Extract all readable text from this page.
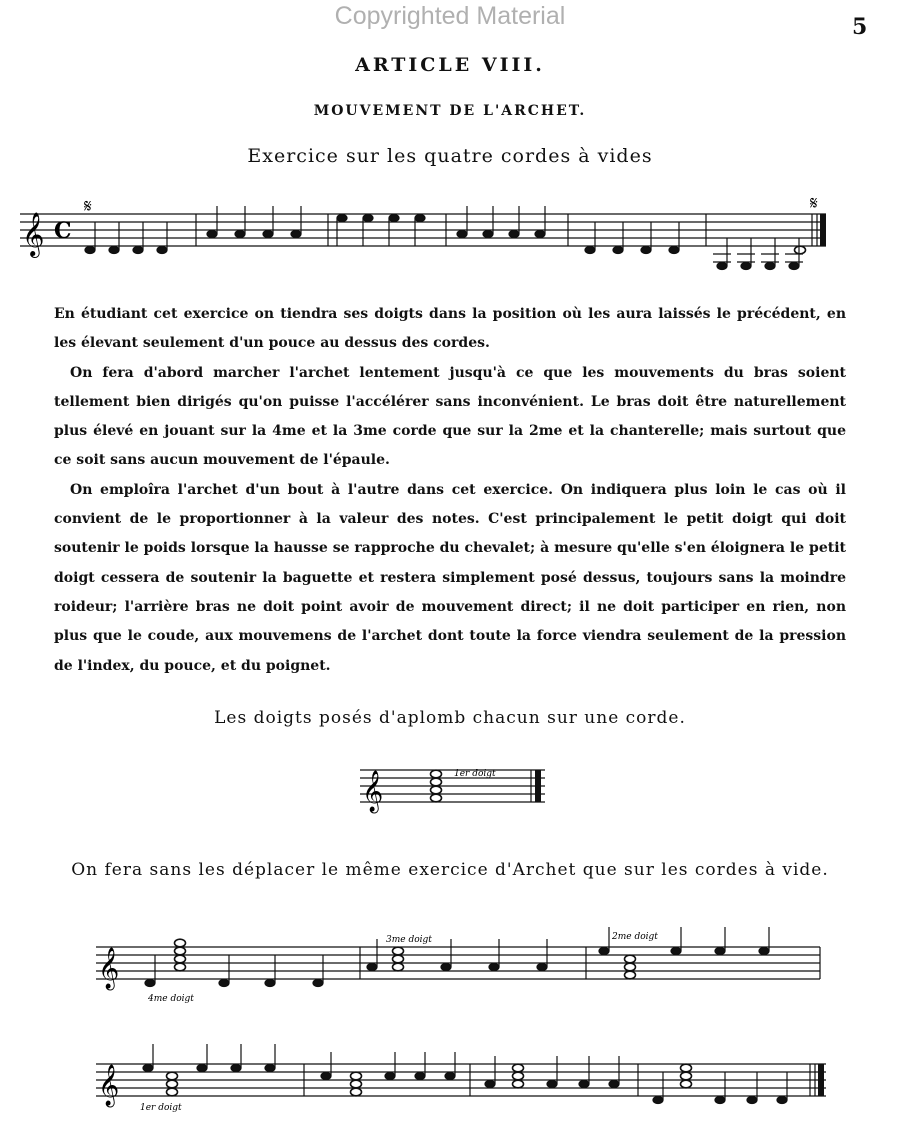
Copyrighted Material	5
ARTICLE VIII.
MOUVEMENT DE L'ARCHET.
Exercice sur les quatre cordes à vides
𝄞 C
𝄋	𝄋

En étudiant cet exercice on tiendra ses doigts dans la position où les aura laissés le précédent, en les élevant seulement d'un pouce au dessus des cordes.

On fera d'abord marcher l'archet lentement jusqu'à ce que les mouvements du bras soient tellement bien dirigés qu'on puisse l'accélérer sans inconvénient. Le bras doit être naturellement plus élevé en jouant sur la 4me et la 3me corde que sur la 2me et la chanterelle; mais surtout que ce soit sans aucun mouvement de l'épaule.

On emploîra l'archet d'un bout à l'autre dans cet exercice. On indiquera plus loin le cas où il convient de le proportionner à la valeur des notes. C'est principalement le petit doigt qui doit soutenir le poids lorsque la hausse se rapproche du chevalet; à mesure qu'elle s'en éloignera le petit doigt cessera de soutenir la baguette et restera simplement posé dessus, toujours sans la moindre roideur; l'arrière bras ne doit point avoir de mouvement direct; il ne doit participer en rien, non plus que le coude, aux mouvemens de l'archet dont toute la force viendra seulement de la pression de l'index, du pouce, et du poignet.

Les doigts posés d'aplomb chacun sur une corde.
𝄞	1er doigt
On fera sans les déplacer le même exercice d'Archet que sur les cordes à vide.
𝄞
4me doigt
3me doigt	2me doigt
𝄞
1er doigt
